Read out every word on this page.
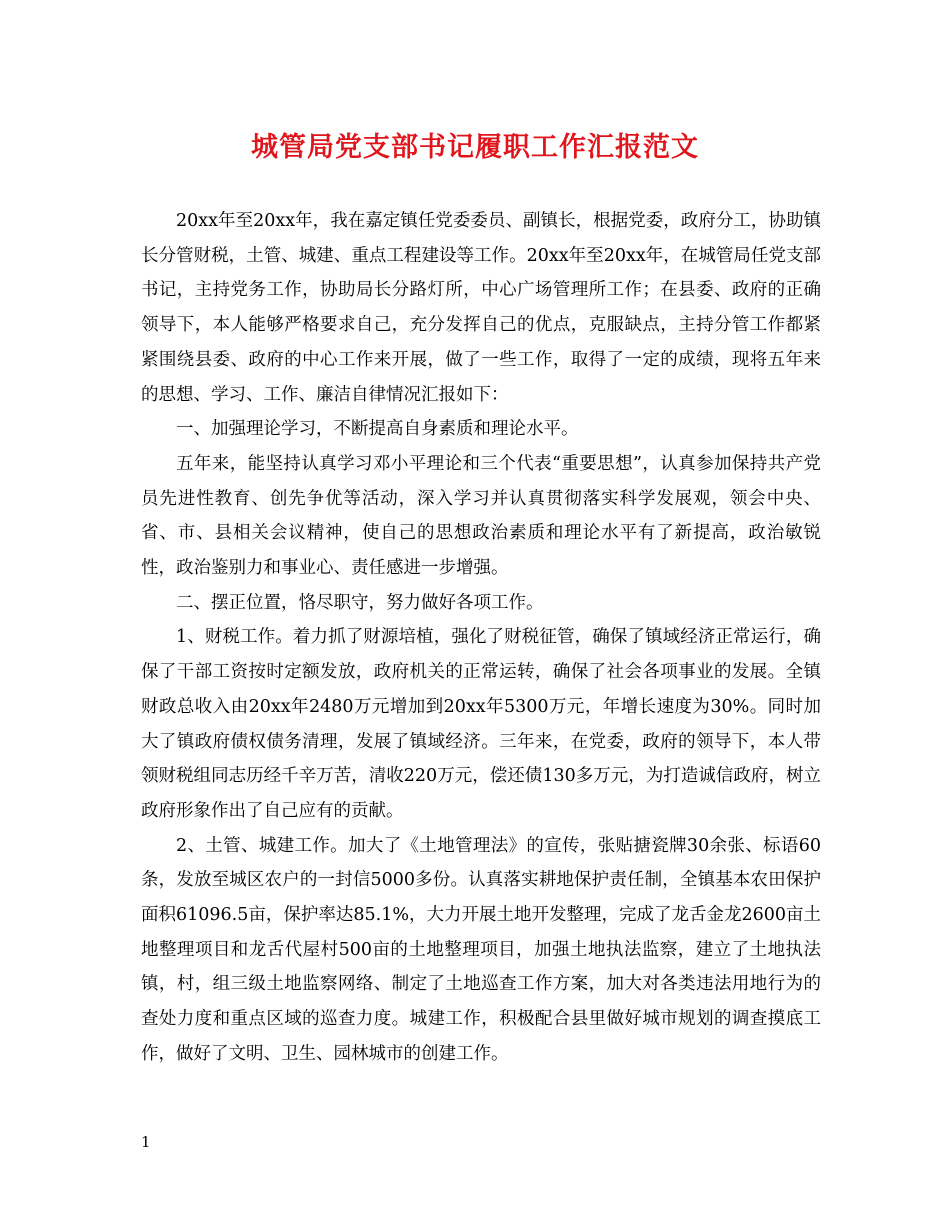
城管局党支部书记履职工作汇报范文

20xx年至20xx年，我在嘉定镇任党委委员、副镇长，根据党委，政府分工，协助镇长分管财税，土管、城建、重点工程建设等工作。20xx年至20xx年，在城管局任党支部书记，主持党务工作，协助局长分路灯所，中心广场管理所工作；在县委、政府的正确领导下，本人能够严格要求自己，充分发挥自己的优点，克服缺点，主持分管工作都紧紧围绕县委、政府的中心工作来开展，做了一些工作，取得了一定的成绩，现将五年来的思想、学习、工作、廉洁自律情况汇报如下：

一、加强理论学习，不断提高自身素质和理论水平。

五年来，能坚持认真学习邓小平理论和三个代表“重要思想”，认真参加保持共产党员先进性教育、创先争优等活动，深入学习并认真贯彻落实科学发展观，领会中央、省、市、县相关会议精神，使自己的思想政治素质和理论水平有了新提高，政治敏锐性，政治鉴别力和事业心、责任感进一步增强。

二、摆正位置，恪尽职守，努力做好各项工作。

1、财税工作。着力抓了财源培植，强化了财税征管，确保了镇域经济正常运行，确保了干部工资按时定额发放，政府机关的正常运转，确保了社会各项事业的发展。全镇财政总收入由20xx年2480万元增加到20xx年5300万元，年增长速度为30%。同时加大了镇政府债权债务清理，发展了镇域经济。三年来，在党委，政府的领导下，本人带领财税组同志历经千辛万苦，清收220万元，偿还债130多万元，为打造诚信政府，树立政府形象作出了自己应有的贡献。

2、土管、城建工作。加大了《土地管理法》的宣传，张贴搪瓷牌30余张、标语60条，发放至城区农户的一封信5000多份。认真落实耕地保护责任制，全镇基本农田保护面积61096.5亩，保护率达85.1%，大力开展土地开发整理，完成了龙舌金龙2600亩土地整理项目和龙舌代屋村500亩的土地整理项目，加强土地执法监察，建立了土地执法镇，村，组三级土地监察网络、制定了土地巡查工作方案，加大对各类违法用地行为的查处力度和重点区域的巡查力度。城建工作，积极配合县里做好城市规划的调查摸底工作，做好了文明、卫生、园林城市的创建工作。

1
